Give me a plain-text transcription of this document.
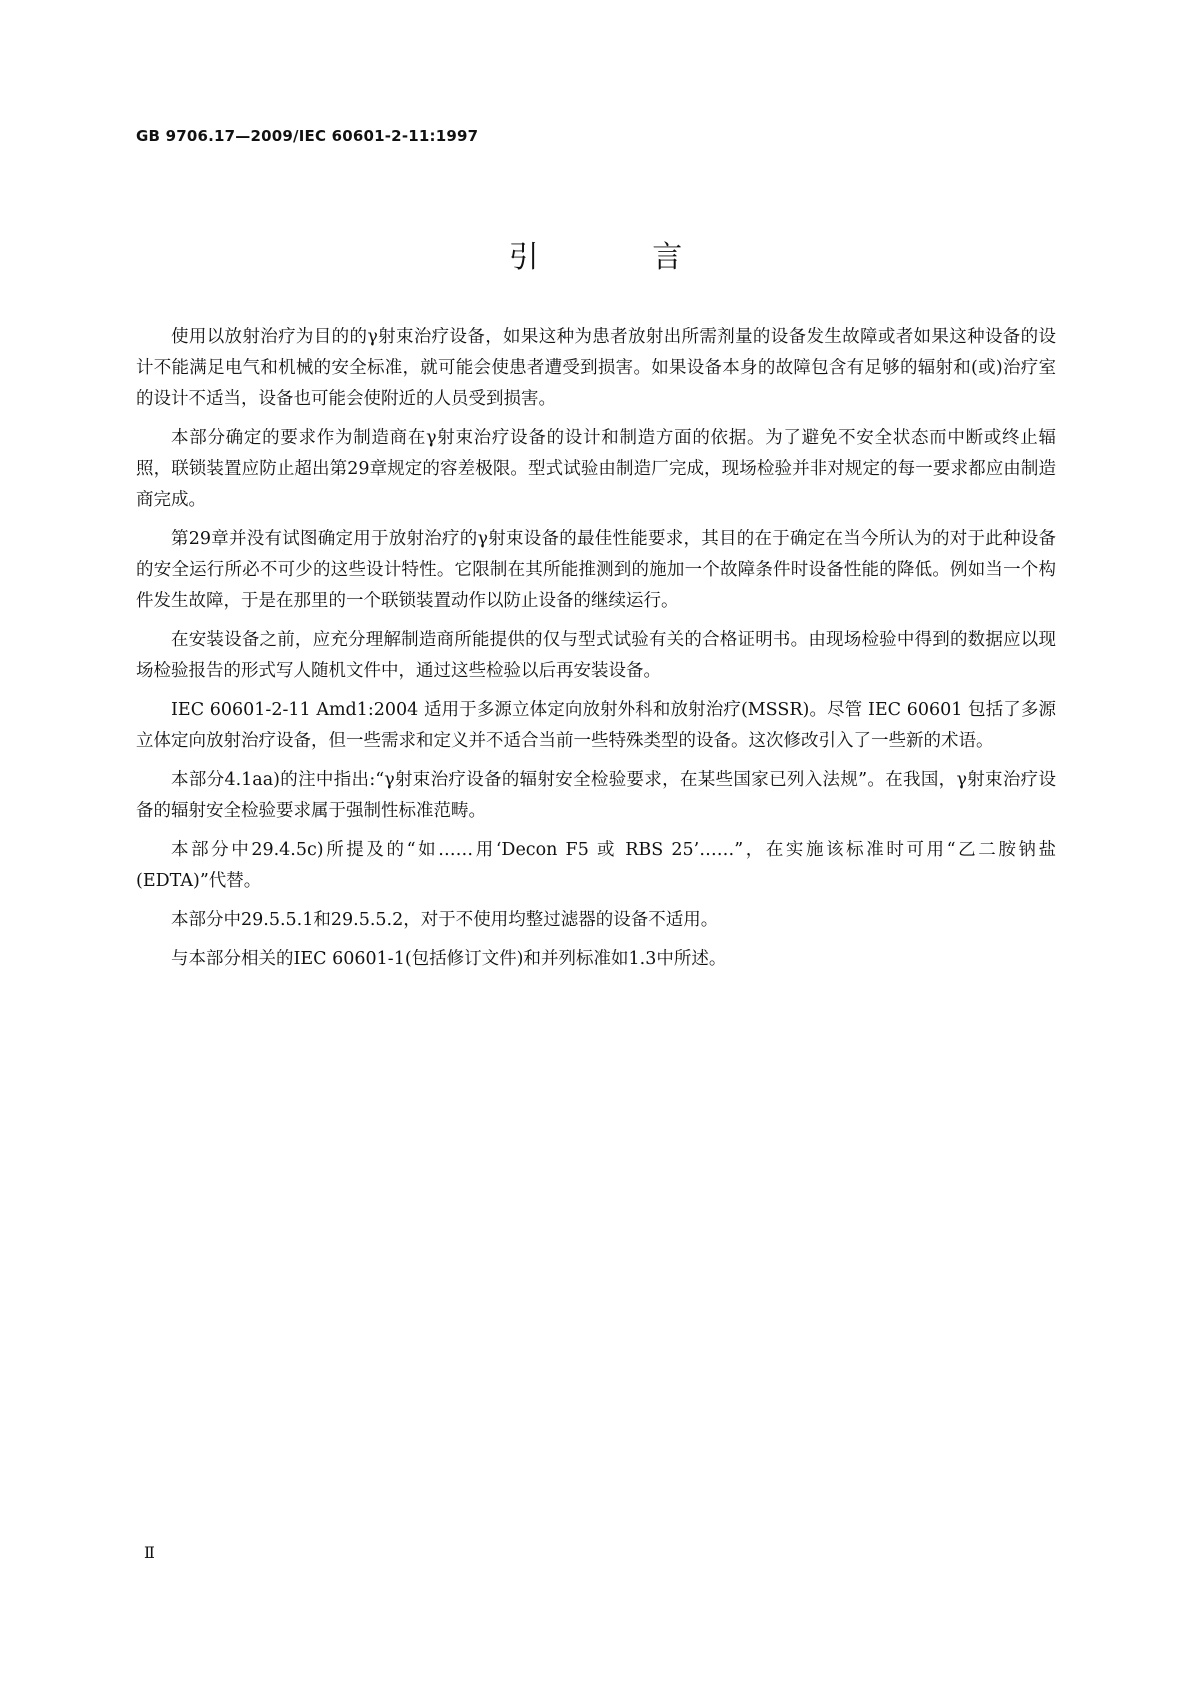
GB 9706.17—2009/IEC 60601-2-11:1997
引 言

使用以放射治疗为目的的γ射束治疗设备，如果这种为患者放射出所需剂量的设备发生故障或者如果这种设备的设计不能满足电气和机械的安全标准，就可能会使患者遭受到损害。如果设备本身的故障包含有足够的辐射和(或)治疗室的设计不适当，设备也可能会使附近的人员受到损害。

本部分确定的要求作为制造商在γ射束治疗设备的设计和制造方面的依据。为了避免不安全状态而中断或终止辐照，联锁装置应防止超出第29章规定的容差极限。型式试验由制造厂完成，现场检验并非对规定的每一要求都应由制造商完成。

第29章并没有试图确定用于放射治疗的γ射束设备的最佳性能要求，其目的在于确定在当今所认为的对于此种设备的安全运行所必不可少的这些设计特性。它限制在其所能推测到的施加一个故障条件时设备性能的降低。例如当一个构件发生故障，于是在那里的一个联锁装置动作以防止设备的继续运行。

在安装设备之前，应充分理解制造商所能提供的仅与型式试验有关的合格证明书。由现场检验中得到的数据应以现场检验报告的形式写人随机文件中，通过这些检验以后再安装设备。

IEC 60601-2-11 Amd1:2004 适用于多源立体定向放射外科和放射治疗(MSSR)。尽管 IEC 60601 包括了多源立体定向放射治疗设备，但一些需求和定义并不适合当前一些特殊类型的设备。这次修改引入了一些新的术语。

本部分4.1aa)的注中指出:“γ射束治疗设备的辐射安全检验要求，在某些国家已列入法规”。在我国，γ射束治疗设备的辐射安全检验要求属于强制性标准范畴。

本部分中29.4.5c)所提及的“如……用‘Decon F5 或 RBS 25’……”，在实施该标准时可用“乙二胺钠盐(EDTA)”代替。

本部分中29.5.5.1和29.5.5.2，对于不使用均整过滤器的设备不适用。

与本部分相关的IEC 60601-1(包括修订文件)和并列标准如1.3中所述。

Ⅱ
